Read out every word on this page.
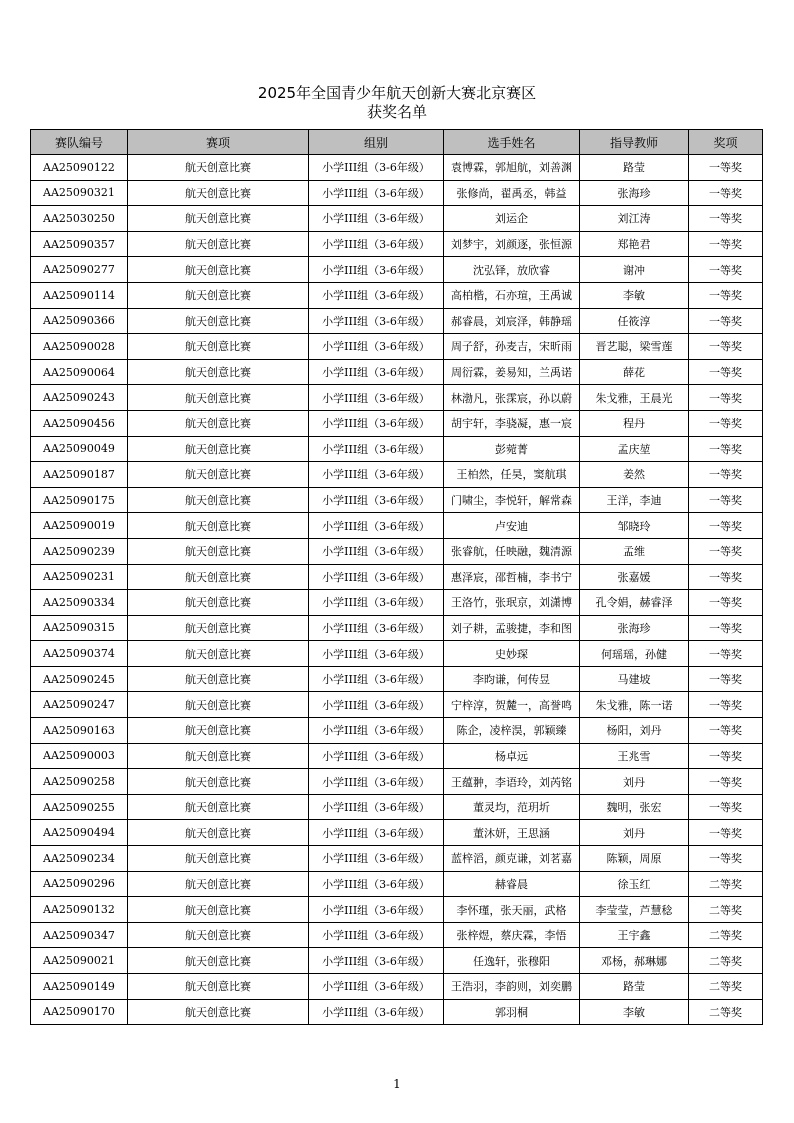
2025年全国青少年航天创新大赛北京赛区
获奖名单
赛队编号	赛项	组别	选手姓名	指导教师	奖项
AA25090122	航天创意比赛	小学III组（3-6年级）	袁博霖，郭旭航，刘善渊	路莹	一等奖
AA25090321	航天创意比赛	小学III组（3-6年级）	张修尚，翟禹丞，韩益	张海珍	一等奖
AA25030250	航天创意比赛	小学III组（3-6年级）	刘运企	刘江涛	一等奖
AA25090357	航天创意比赛	小学III组（3-6年级）	刘梦宇，刘颜逐，张恒源	郑艳君	一等奖
AA25090277	航天创意比赛	小学III组（3-6年级）	沈弘铎，放欣睿	谢冲	一等奖
AA25090114	航天创意比赛	小学III组（3-6年级）	高柏楷，石亦瑄，王禹诚	李敏	一等奖
AA25090366	航天创意比赛	小学III组（3-6年级）	郝睿晨，刘宸泽，韩静瑶	任筱淳	一等奖
AA25090028	航天创意比赛	小学III组（3-6年级）	周子舒，孙麦吉，宋昕雨	晋艺聪，梁雪莲	一等奖
AA25090064	航天创意比赛	小学III组（3-6年级）	周衍霖，姜易知，兰禹诺	薛花	一等奖
AA25090243	航天创意比赛	小学III组（3-6年级）	林渤凡，张霂宸，孙以蔚	朱戈雅，王晨光	一等奖
AA25090456	航天创意比赛	小学III组（3-6年级）	胡宇轩，李骁凝，惠一宸	程丹	一等奖
AA25090049	航天创意比赛	小学III组（3-6年级）	彭菀菁	孟庆堃	一等奖
AA25090187	航天创意比赛	小学III组（3-6年级）	王柏然，任昊，窦航琪	姜然	一等奖
AA25090175	航天创意比赛	小学III组（3-6年级）	门啸尘，李悦轩，解常森	王洋，李迪	一等奖
AA25090019	航天创意比赛	小学III组（3-6年级）	卢安迪	邹晓玲	一等奖
AA25090239	航天创意比赛	小学III组（3-6年级）	张睿航，任映融，魏清源	孟维	一等奖
AA25090231	航天创意比赛	小学III组（3-6年级）	惠泽宸，邵哲楠，李书宁	张嘉媛	一等奖
AA25090334	航天创意比赛	小学III组（3-6年级）	王洛竹，张珉京，刘潇博	孔令娟，赫睿泽	一等奖
AA25090315	航天创意比赛	小学III组（3-6年级）	刘子耕，孟骏捷，李和图	张海珍	一等奖
AA25090374	航天创意比赛	小学III组（3-6年级）	史妙琛	何瑶瑶，孙健	一等奖
AA25090245	航天创意比赛	小学III组（3-6年级）	李昀谦，何传昱	马建坡	一等奖
AA25090247	航天创意比赛	小学III组（3-6年级）	宁梓淳，贺麓一，高誉鸣	朱戈雅，陈一诺	一等奖
AA25090163	航天创意比赛	小学III组（3-6年级）	陈企，凌梓淏，郭颖臻	杨阳，刘丹	一等奖
AA25090003	航天创意比赛	小学III组（3-6年级）	杨卓远	王兆雪	一等奖
AA25090258	航天创意比赛	小学III组（3-6年级）	王蕴翀，李语玲，刘芮铭	刘丹	一等奖
AA25090255	航天创意比赛	小学III组（3-6年级）	董灵均，范玥圻	魏明，张宏	一等奖
AA25090494	航天创意比赛	小学III组（3-6年级）	董沐妍，王思涵	刘丹	一等奖
AA25090234	航天创意比赛	小学III组（3-6年级）	蓝梓滔，颜克谦，刘茗嘉	陈颖，周原	一等奖
AA25090296	航天创意比赛	小学III组（3-6年级）	赫睿晨	徐玉红	二等奖
AA25090132	航天创意比赛	小学III组（3-6年级）	李怀瑾，张天丽，武格	李莹莹，芦慧稔	二等奖
AA25090347	航天创意比赛	小学III组（3-6年级）	张梓煜，蔡庆霖，李悟	王宇鑫	二等奖
AA25090021	航天创意比赛	小学III组（3-6年级）	任逸轩，张穆阳	邓杨，郝琳娜	二等奖
AA25090149	航天创意比赛	小学III组（3-6年级）	王浩羽，李韵则，刘奕鹏	路莹	二等奖
AA25090170	航天创意比赛	小学III组（3-6年级）	郭羽桐	李敏	二等奖
1
